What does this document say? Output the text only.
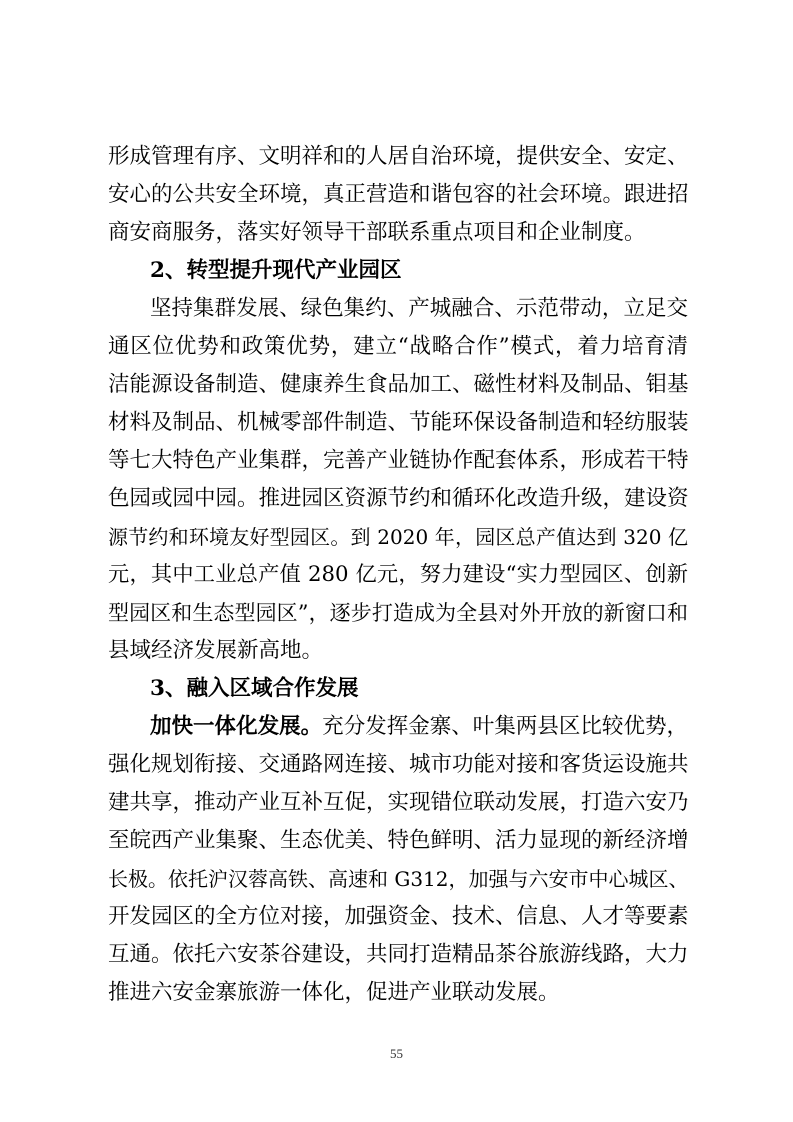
形成管理有序、文明祥和的人居自治环境，提供安全、安定、
安心的公共安全环境，真正营造和谐包容的社会环境。跟进招
商安商服务，落实好领导干部联系重点项目和企业制度。
2、转型提升现代产业园区
坚持集群发展、绿色集约、产城融合、示范带动，立足交
通区位优势和政策优势，建立“战略合作”模式，着力培育清
洁能源设备制造、健康养生食品加工、磁性材料及制品、钼基
材料及制品、机械零部件制造、节能环保设备制造和轻纺服装
等七大特色产业集群，完善产业链协作配套体系，形成若干特
色园或园中园。推进园区资源节约和循环化改造升级，建设资
源节约和环境友好型园区。到 2020 年，园区总产值达到 320 亿
元，其中工业总产值 280 亿元，努力建设“实力型园区、创新
型园区和生态型园区”，逐步打造成为全县对外开放的新窗口和
县域经济发展新高地。
3、融入区域合作发展
加快一体化发展。充分发挥金寨、叶集两县区比较优势，
强化规划衔接、交通路网连接、城市功能对接和客货运设施共
建共享，推动产业互补互促，实现错位联动发展，打造六安乃
至皖西产业集聚、生态优美、特色鲜明、活力显现的新经济增
长极。依托沪汉蓉高铁、高速和 G312，加强与六安市中心城区、
开发园区的全方位对接，加强资金、技术、信息、人才等要素
互通。依托六安茶谷建设，共同打造精品茶谷旅游线路，大力
推进六安金寨旅游一体化，促进产业联动发展。
55
